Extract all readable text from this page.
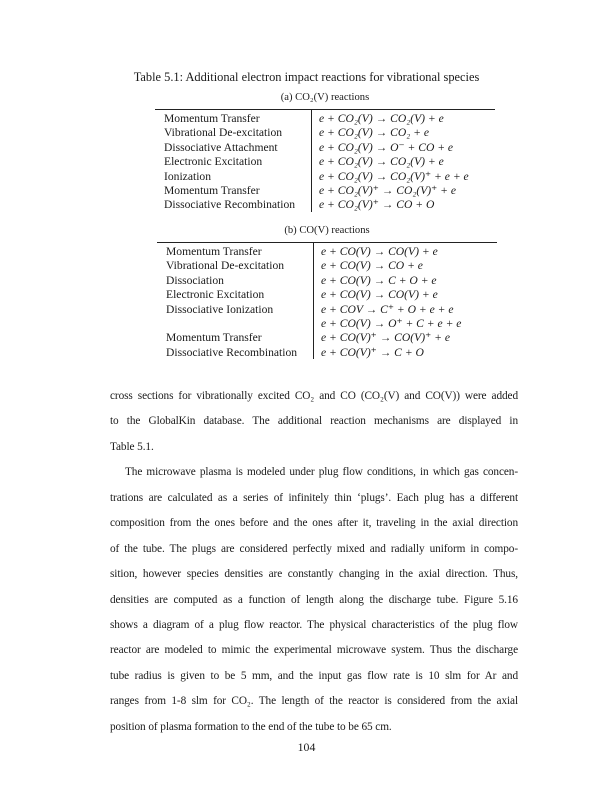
Table 5.1: Additional electron impact reactions for vibrational species
(a) CO₂(V) reactions
Momentum Transfer	e + CO₂(V) → CO₂(V) + e
Vibrational De-excitation	e + CO₂(V) → CO₂ + e
Dissociative Attachment	e + CO₂(V) → O⁻ + CO + e
Electronic Excitation	e + CO₂(V) → CO₂(V) + e
Ionization	e + CO₂(V) → CO₂(V)⁺ + e + e
Momentum Transfer	e + CO₂(V)⁺ → CO₂(V)⁺ + e
Dissociative Recombination	e + CO₂(V)⁺ → CO + O
(b) CO(V) reactions
Momentum Transfer	e + CO(V) → CO(V) + e
Vibrational De-excitation	e + CO(V) → CO + e
Dissociation	e + CO(V) → C + O + e
Electronic Excitation	e + CO(V) → CO(V) + e
Dissociative Ionization	e + COV → C⁺ + O + e + e
e + CO(V) → O⁺ + C + e + e
Momentum Transfer	e + CO(V)⁺ → CO(V)⁺ + e
Dissociative Recombination	e + CO(V)⁺ → C + O
cross sections for vibrationally excited CO₂ and CO (CO₂(V) and CO(V)) were added
to the GlobalKin database. The additional reaction mechanisms are displayed in
Table 5.1.
The microwave plasma is modeled under plug flow conditions, in which gas concen-
trations are calculated as a series of infinitely thin ‘plugs’. Each plug has a different
composition from the ones before and the ones after it, traveling in the axial direction
of the tube. The plugs are considered perfectly mixed and radially uniform in compo-
sition, however species densities are constantly changing in the axial direction. Thus,
densities are computed as a function of length along the discharge tube. Figure 5.16
shows a diagram of a plug flow reactor. The physical characteristics of the plug flow
reactor are modeled to mimic the experimental microwave system. Thus the discharge
tube radius is given to be 5 mm, and the input gas flow rate is 10 slm for Ar and
ranges from 1-8 slm for CO₂. The length of the reactor is considered from the axial
position of plasma formation to the end of the tube to be 65 cm.
104
